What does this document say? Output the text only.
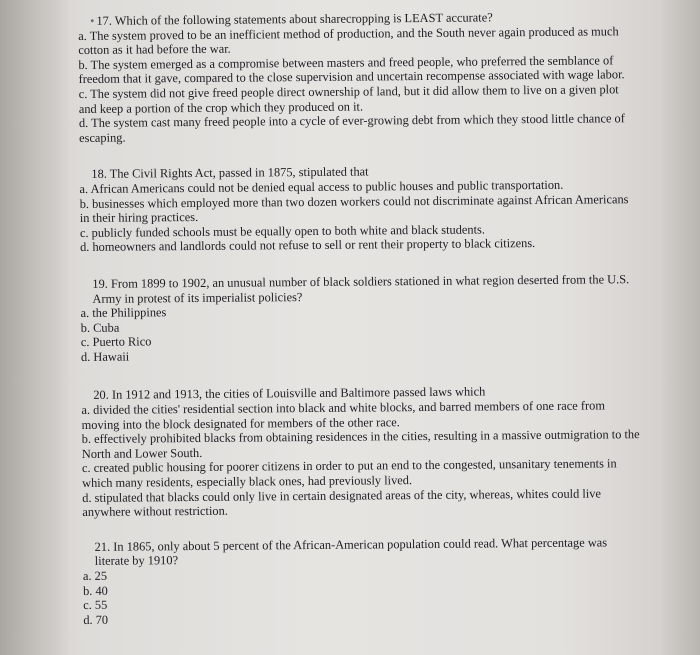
• 17. Which of the following statements about sharecropping is LEAST accurate?

a. The system proved to be an inefficient method of production, and the South never again produced as much cotton as it had before the war.

b. The system emerged as a compromise between masters and freed people, who preferred the semblance of freedom that it gave, compared to the close supervision and uncertain recompense associated with wage labor.

c. The system did not give freed people direct ownership of land, but it did allow them to live on a given plot and keep a portion of the crop which they produced on it.

d. The system cast many freed people into a cycle of ever-growing debt from which they stood little chance of escaping.

18. The Civil Rights Act, passed in 1875, stipulated that

a. African Americans could not be denied equal access to public houses and public transportation.

b. businesses which employed more than two dozen workers could not discriminate against African Americans in their hiring practices.

c. publicly funded schools must be equally open to both white and black students.

d. homeowners and landlords could not refuse to sell or rent their property to black citizens.

19. From 1899 to 1902, an unusual number of black soldiers stationed in what region deserted from the U.S. Army in protest of its imperialist policies?

a. the Philippines

b. Cuba

c. Puerto Rico

d. Hawaii

20. In 1912 and 1913, the cities of Louisville and Baltimore passed laws which

a. divided the cities' residential section into black and white blocks, and barred members of one race from moving into the block designated for members of the other race.

b. effectively prohibited blacks from obtaining residences in the cities, resulting in a massive outmigration to the North and Lower South.

c. created public housing for poorer citizens in order to put an end to the congested, unsanitary tenements in which many residents, especially black ones, had previously lived.

d. stipulated that blacks could only live in certain designated areas of the city, whereas, whites could live anywhere without restriction.

21. In 1865, only about 5 percent of the African-American population could read. What percentage was literate by 1910?

a. 25

b. 40

c. 55

d. 70
